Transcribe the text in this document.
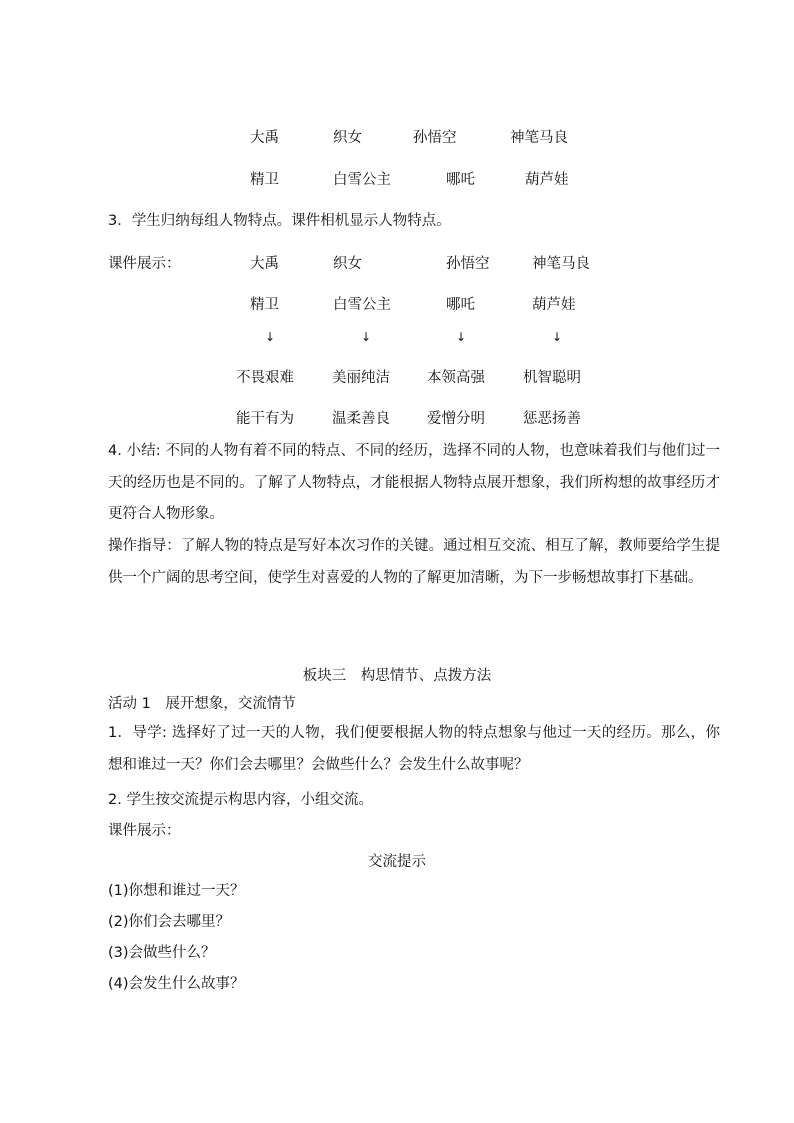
大禹	织女	孙悟空	神笔马良
精卫	白雪公主	哪吒	葫芦娃
3．学生归纳每组人物特点。课件相机显示人物特点。
课件展示：	大禹	织女	孙悟空	神笔马良
精卫	白雪公主	哪吒	葫芦娃
↓	↓	↓	↓
不畏艰难	美丽纯洁	本领高强	机智聪明
能干有为	温柔善良	爱憎分明	惩恶扬善
4. 小结: 不同的人物有着不同的特点、不同的经历，选择不同的人物，也意味着我们与他们过一天的经历也是不同的。了解了人物特点，才能根据人物特点展开想象，我们所构想的故事经历才更符合人物形象。
操作指导：了解人物的特点是写好本次习作的关键。通过相互交流、相互了解，教师要给学生提供一个广阔的思考空间，使学生对喜爱的人物的了解更加清晰，为下一步畅想故事打下基础。
板块三　构思情节、点拨方法
活动 1　展开想象，交流情节
1．导学: 选择好了过一天的人物，我们便要根据人物的特点想象与他过一天的经历。那么，你想和谁过一天？你们会去哪里？会做些什么？会发生什么故事呢？
2. 学生按交流提示构思内容，小组交流。
课件展示：
交流提示
(1)你想和谁过一天？
(2)你们会去哪里？
(3)会做些什么？
(4)会发生什么故事？
